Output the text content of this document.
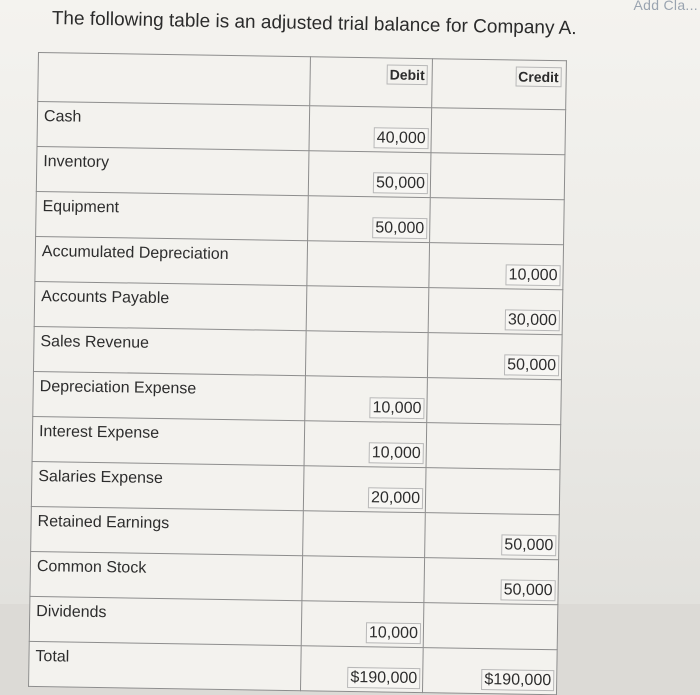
Add Cla...
The following table is an adjusted trial balance for Company A.
	Debit	Credit
Cash	40,000	
Inventory	50,000	
Equipment	50,000	
Accumulated Depreciation		10,000
Accounts Payable		30,000
Sales Revenue		50,000
Depreciation Expense	10,000	
Interest Expense	10,000	
Salaries Expense	20,000	
Retained Earnings		50,000
Common Stock		50,000
Dividends	10,000	
Total	$190,000	$190,000
